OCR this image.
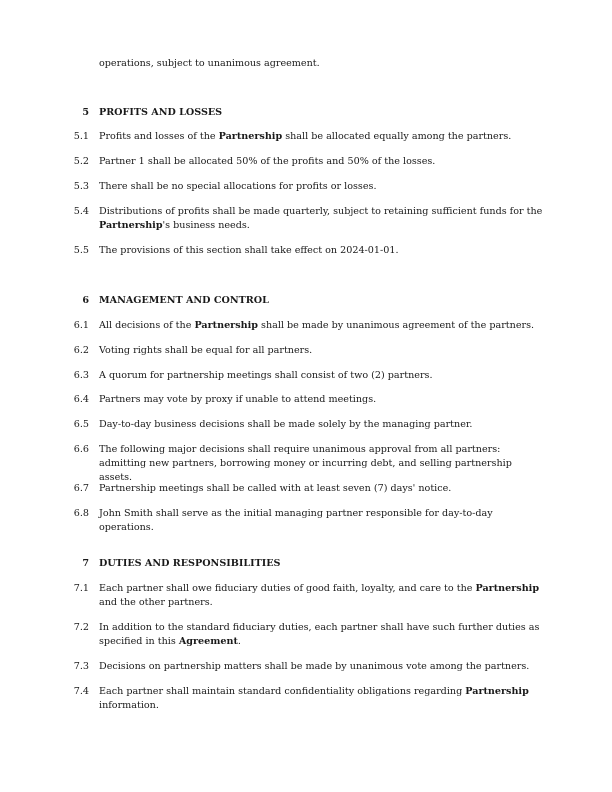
operations, subject to unanimous agreement.
5 PROFITS AND LOSSES
5.1 Profits and losses of the Partnership shall be allocated equally among the partners.
5.2 Partner 1 shall be allocated 50% of the profits and 50% of the losses.
5.3 There shall be no special allocations for profits or losses.
5.4 Distributions of profits shall be made quarterly, subject to retaining sufficient funds for the Partnership's business needs.
5.5 The provisions of this section shall take effect on 2024-01-01.
6 MANAGEMENT AND CONTROL
6.1 All decisions of the Partnership shall be made by unanimous agreement of the partners.
6.2 Voting rights shall be equal for all partners.
6.3 A quorum for partnership meetings shall consist of two (2) partners.
6.4 Partners may vote by proxy if unable to attend meetings.
6.5 Day-to-day business decisions shall be made solely by the managing partner.
6.6 The following major decisions shall require unanimous approval from all partners: admitting new partners, borrowing money or incurring debt, and selling partnership assets.
6.7 Partnership meetings shall be called with at least seven (7) days' notice.
6.8 John Smith shall serve as the initial managing partner responsible for day-to-day operations.
7 DUTIES AND RESPONSIBILITIES
7.1 Each partner shall owe fiduciary duties of good faith, loyalty, and care to the Partnership and the other partners.
7.2 In addition to the standard fiduciary duties, each partner shall have such further duties as specified in this Agreement.
7.3 Decisions on partnership matters shall be made by unanimous vote among the partners.
7.4 Each partner shall maintain standard confidentiality obligations regarding Partnership information.
